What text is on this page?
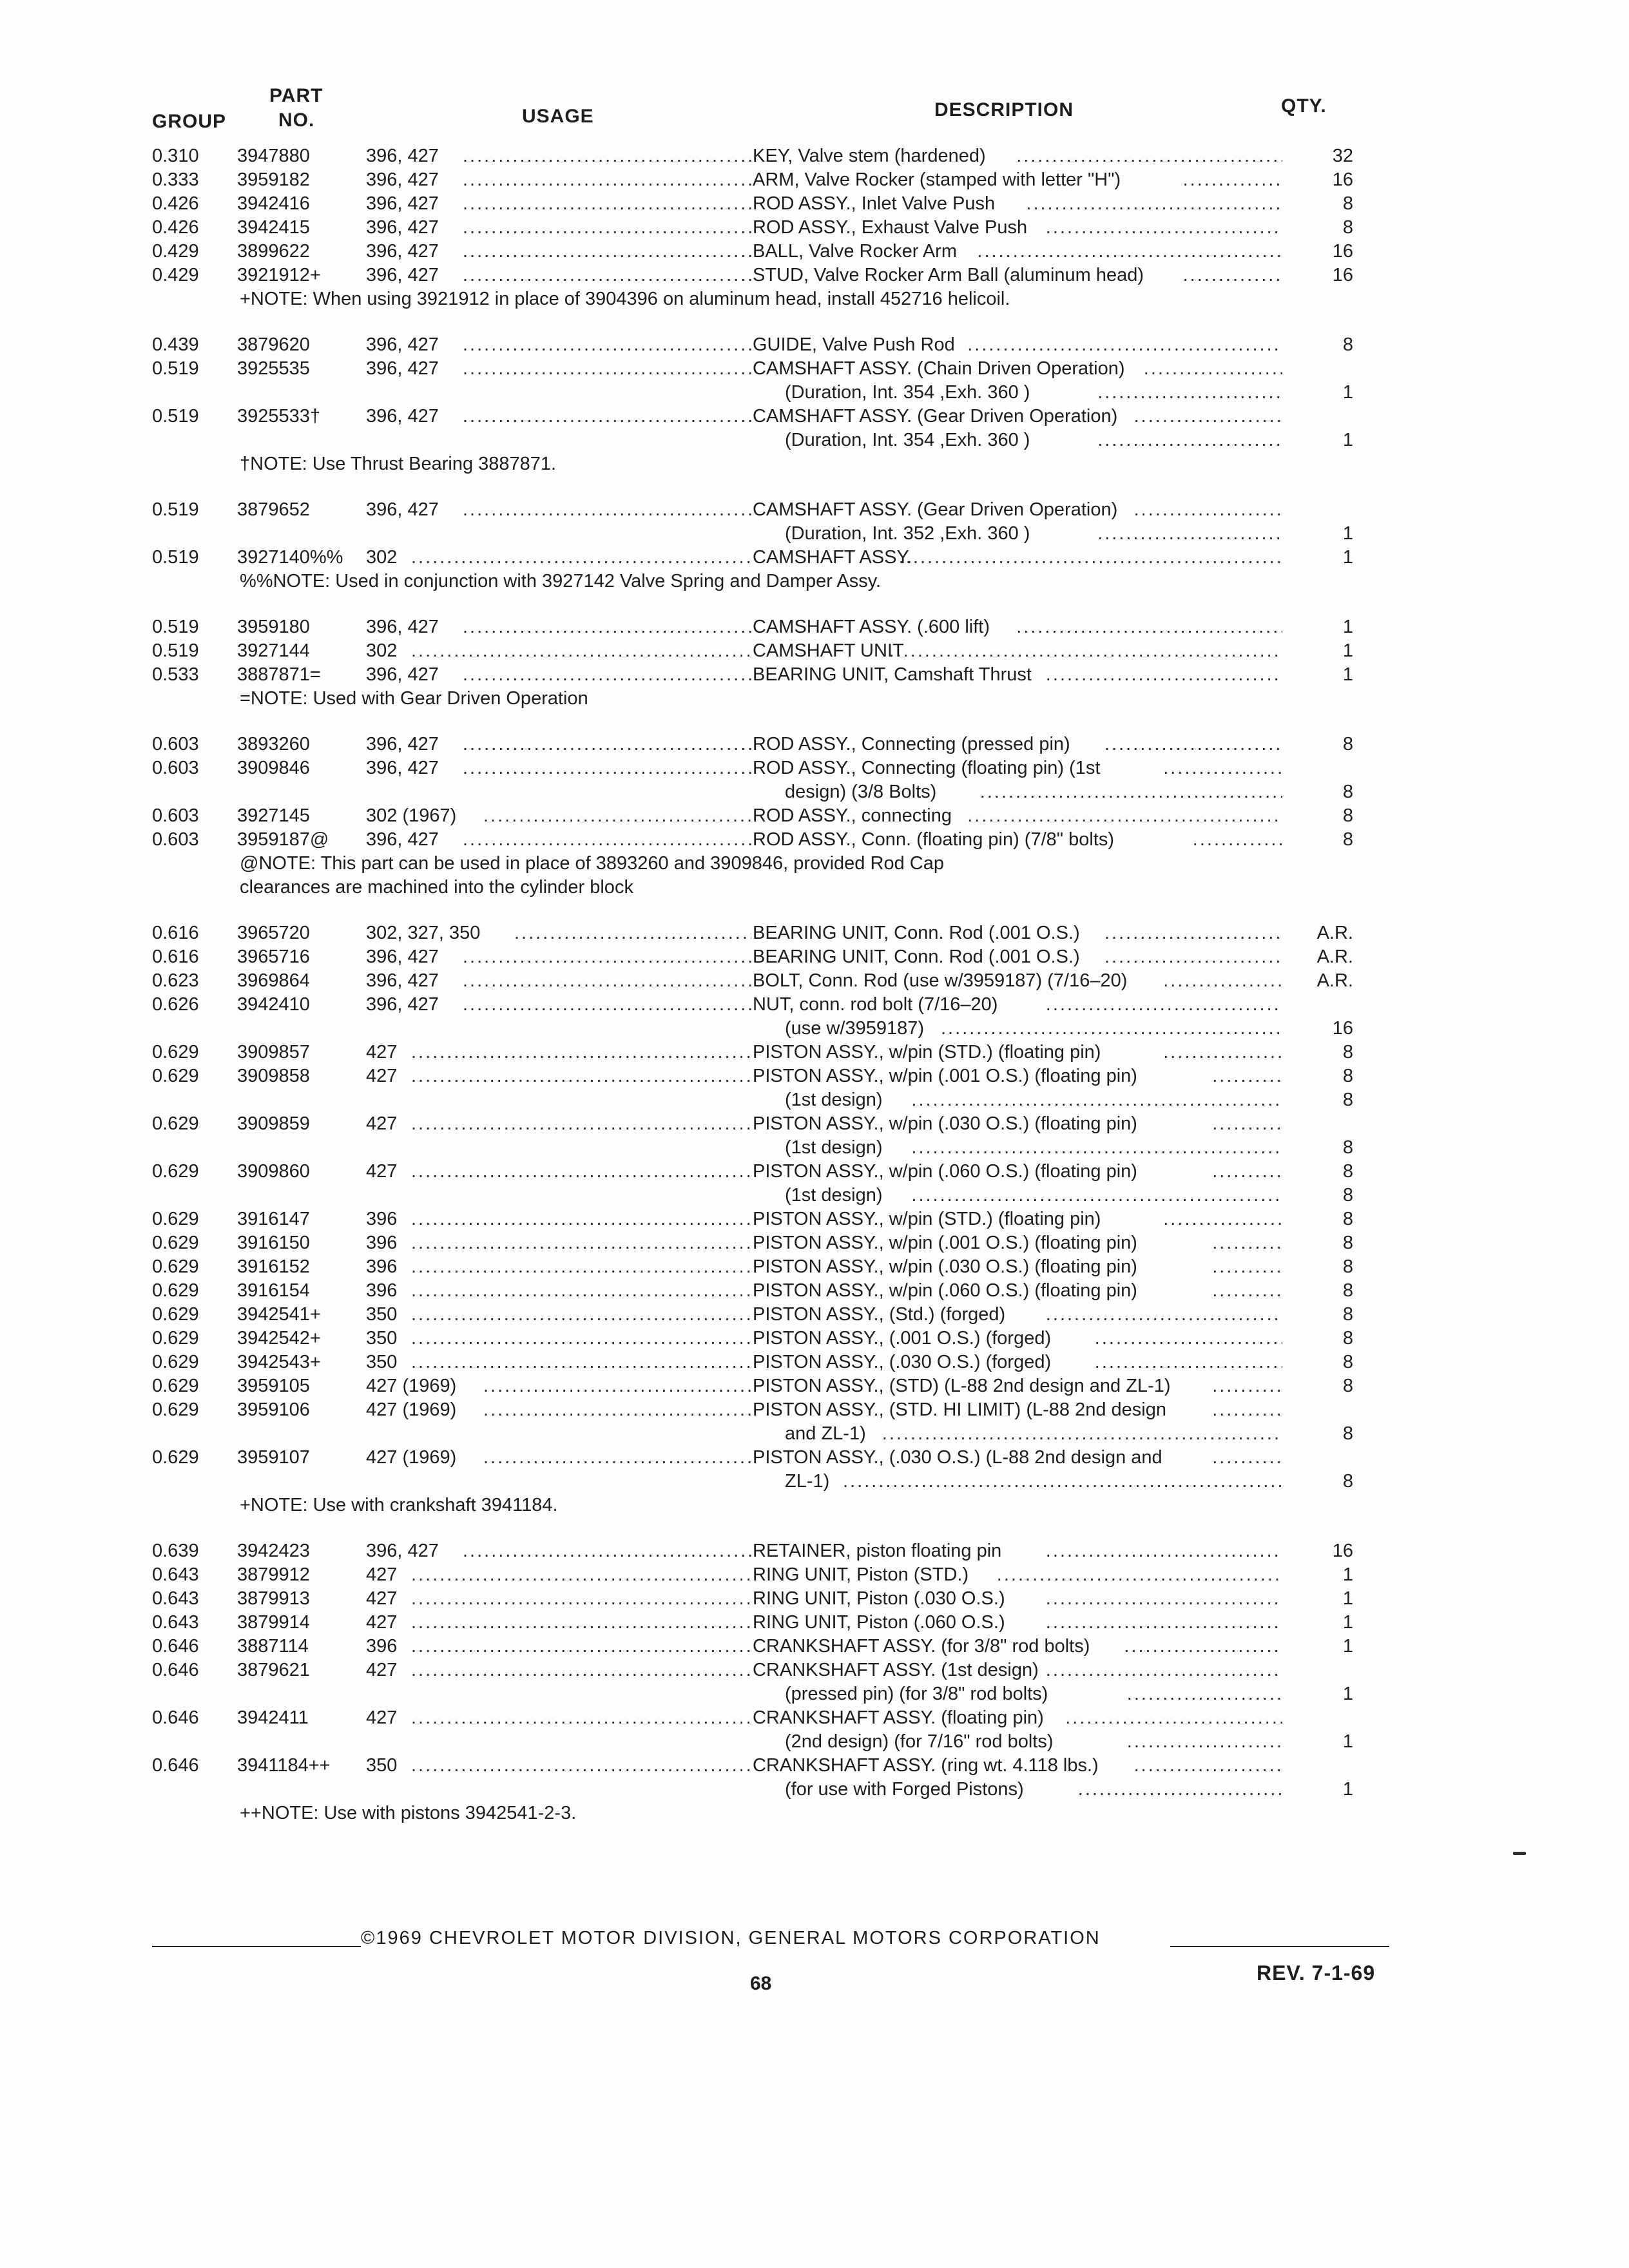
GROUP
PART
NO.	USAGE	DESCRIPTION	QTY.
0.310 3947880	396, 427 .....	KEY, Valve stem (hardened) .....	32
0.333 3959182	396, 427 .....	ARM, Valve Rocker (stamped with letter "H") .....	16
0.426 3942416	396, 427 .....	ROD ASSY., Inlet Valve Push .....	8
0.426 3942415	396, 427 .....	ROD ASSY., Exhaust Valve Push .....	8
0.429 3899622	396, 427 .....	BALL, Valve Rocker Arm .....	16
0.429 3921912+ 396, 427 .....	STUD, Valve Rocker Arm Ball (aluminum head) .....	16
+NOTE: When using 3921912 in place of 3904396 on aluminum head, install 452716 helicoil.
0.439 3879620	396, 427 .....	GUIDE, Valve Push Rod .....	8
0.519 3925535	396, 427 .....	CAMSHAFT ASSY. (Chain Driven Operation)
.....
(Duration, Int. 354 ,Exh. 360 ) .....	1
0.519 3925533† 396, 427 .....	CAMSHAFT ASSY. (Gear Driven Operation)
.....
(Duration, Int. 354 ,Exh. 360 ) .....	1
†NOTE: Use Thrust Bearing 3887871.
0.519 3879652	396, 427 .....	CAMSHAFT ASSY. (Gear Driven Operation)
.....
(Duration, Int. 352 ,Exh. 360 ) .....	1
0.519 3927140%% 302 .....	CAMSHAFT ASSY. .....	1
%%NOTE: Used in conjunction with 3927142 Valve Spring and Damper Assy.
0.519 3959180	396, 427 .....	CAMSHAFT ASSY. (.600 lift) .....	1
0.519 3927144	302 .....	CAMSHAFT UNIT .....	1
0.533 3887871= 396, 427 .....	BEARING UNIT, Camshaft Thrust .....	1
=NOTE: Used with Gear Driven Operation
0.603 3893260	396, 427 .....	ROD ASSY., Connecting (pressed pin) .....	8
0.603 3909846	396, 427 .....	ROD ASSY., Connecting (floating pin) (1st
.....
design) (3/8 Bolts) .....	8
0.603 3927145	302 (1967) .....	ROD ASSY., connecting .....	8
0.603 3959187@ 396, 427 .....	ROD ASSY., Conn. (floating pin) (7/8" bolts) .....	8
@NOTE: This part can be used in place of 3893260 and 3909846, provided Rod Cap
clearances are machined into the cylinder block
0.616 3965720	302, 327, 350 .....	BEARING UNIT, Conn. Rod (.001 O.S.) .....	A.R.
0.616 3965716	396, 427 .....	BEARING UNIT, Conn. Rod (.001 O.S.) .....	A.R.
0.623 3969864	396, 427 .....	BOLT, Conn. Rod (use w/3959187) (7/16–20) .....	A.R.
0.626 3942410	396, 427 .....	NUT, conn. rod bolt (7/16–20)
.....
(use w/3959187) .....	16
0.629 3909857	427 .....	PISTON ASSY., w/pin (STD.) (floating pin) .....	8
0.629 3909858	427 .....	PISTON ASSY., w/pin (.001 O.S.) (floating pin) .....	8
(1st design) .....	8
0.629 3909859	427 .....	PISTON ASSY., w/pin (.030 O.S.) (floating pin)
.....
(1st design) .....	8
0.629 3909860	427 .....	PISTON ASSY., w/pin (.060 O.S.) (floating pin) .....	8
(1st design) .....	8
0.629 3916147	396 .....	PISTON ASSY., w/pin (STD.) (floating pin) .....	8
0.629 3916150	396 .....	PISTON ASSY., w/pin (.001 O.S.) (floating pin) .....	8
0.629 3916152	396 .....	PISTON ASSY., w/pin (.030 O.S.) (floating pin) .....	8
0.629 3916154	396 .....	PISTON ASSY., w/pin (.060 O.S.) (floating pin) .....	8
0.629 3942541+ 350 .....	PISTON ASSY., (Std.) (forged) .....	8
0.629 3942542+ 350 .....	PISTON ASSY., (.001 O.S.) (forged) .....	8
0.629 3942543+ 350 .....	PISTON ASSY., (.030 O.S.) (forged) .....	8
0.629 3959105	427 (1969) .....	PISTON ASSY., (STD) (L-88 2nd design and ZL-1) .....	8
0.629 3959106	427 (1969) .....	PISTON ASSY., (STD. HI LIMIT) (L-88 2nd design
.....
and ZL-1) .....	8
0.629 3959107	427 (1969) .....	PISTON ASSY., (.030 O.S.) (L-88 2nd design and
.....
ZL-1) .....	8
+NOTE: Use with crankshaft 3941184.
0.639 3942423	396, 427 .....	RETAINER, piston floating pin .....	16
0.643 3879912	427 .....	RING UNIT, Piston (STD.) .....	1
0.643 3879913	427 .....	RING UNIT, Piston (.030 O.S.) .....	1
0.643 3879914	427 .....	RING UNIT, Piston (.060 O.S.) .....	1
0.646 3887114	396 .....	CRANKSHAFT ASSY. (for 3/8" rod bolts) .....	1
0.646 3879621	427 .....	CRANKSHAFT ASSY. (1st design)
.....
(pressed pin) (for 3/8" rod bolts) .....	1
0.646 3942411	427 .....	CRANKSHAFT ASSY. (floating pin)
.....
(2nd design) (for 7/16" rod bolts) .....	1
0.646 3941184++ 350 .....	CRANKSHAFT ASSY. (ring wt. 4.118 lbs.)
.....
(for use with Forged Pistons) .....	1
++NOTE: Use with pistons 3942541-2-3.
©1969 CHEVROLET MOTOR DIVISION, GENERAL MOTORS CORPORATION
68	REV. 7-1-69
